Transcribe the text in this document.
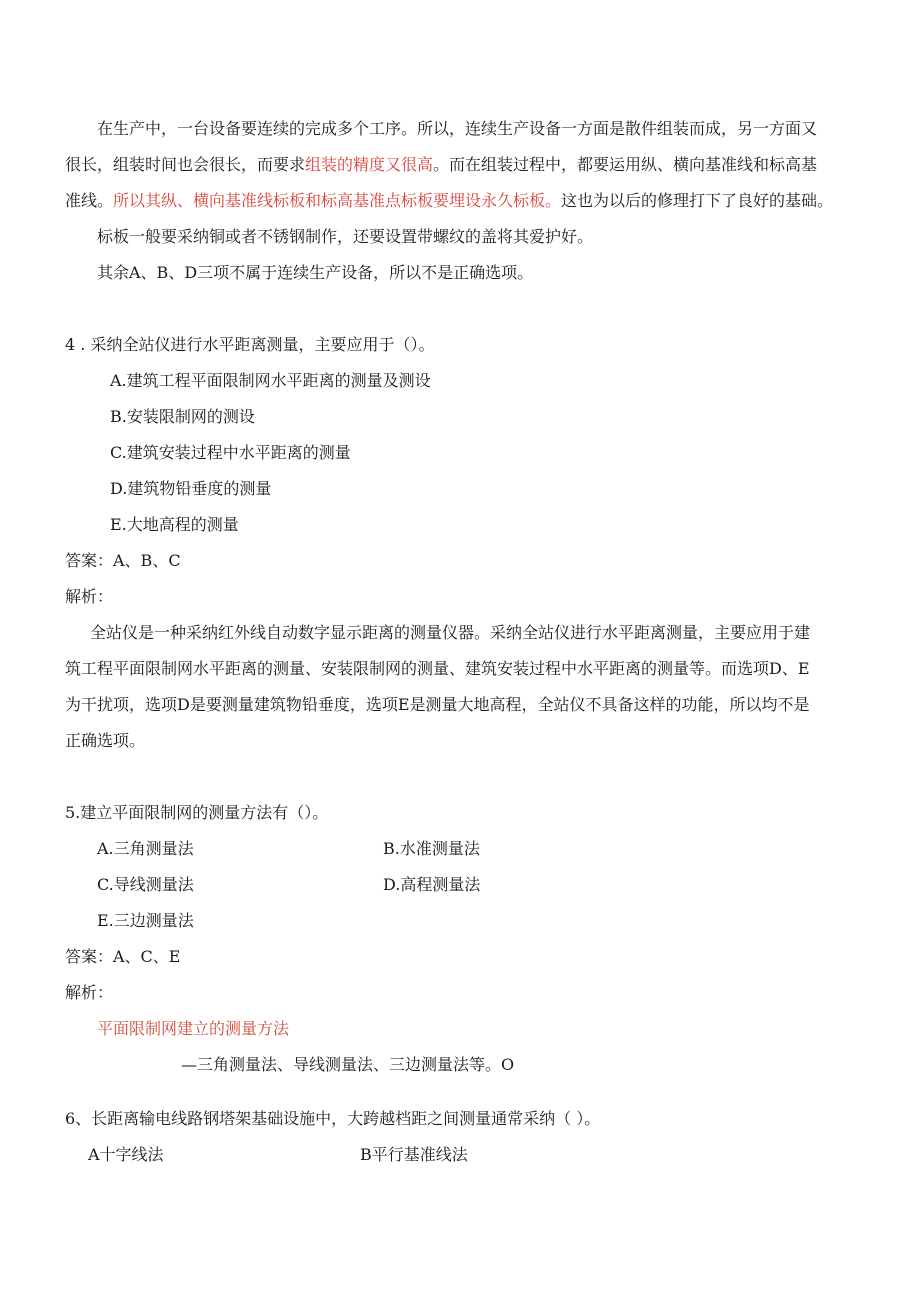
在生产中，一台设备要连续的完成多个工序。所以，连续生产设备一方面是散件组装而成，另一方面又
很长，组装时间也会很长，而要求组装的精度又很高。而在组装过程中，都要运用纵、横向基准线和标高基
准线。所以其纵、横向基准线标板和标高基准点标板要埋设永久标板。这也为以后的修理打下了良好的基础。
标板一般要采纳铜或者不锈钢制作，还要设置带螺纹的盖将其爱护好。
其余A、B、D三项不属于连续生产设备，所以不是正确选项。
4 . 采纳全站仪进行水平距离测量，主要应用于（）。
A.建筑工程平面限制网水平距离的测量及测设
B.安装限制网的测设
C.建筑安装过程中水平距离的测量
D.建筑物铅垂度的测量
E.大地高程的测量
答案：A、B、C
解析：
全站仪是一种采纳红外线自动数字显示距离的测量仪器。采纳全站仪进行水平距离测量，主要应用于建
筑工程平面限制网水平距离的测量、安装限制网的测量、建筑安装过程中水平距离的测量等。而选项D、E
为干扰项，选项D是要测量建筑物铅垂度，选项E是测量大地高程，全站仪不具备这样的功能，所以均不是
正确选项。
5.建立平面限制网的测量方法有（）。
A.三角测量法	B.水准测量法
C.导线测量法	D.高程测量法
E.三边测量法
答案：A、C、E
解析：
平面限制网建立的测量方法
—三角测量法、导线测量法、三边测量法等。O
6、长距离输电线路钢塔架基础设施中，大跨越档距之间测量通常采纳（ ）。
A十字线法	B平行基准线法
